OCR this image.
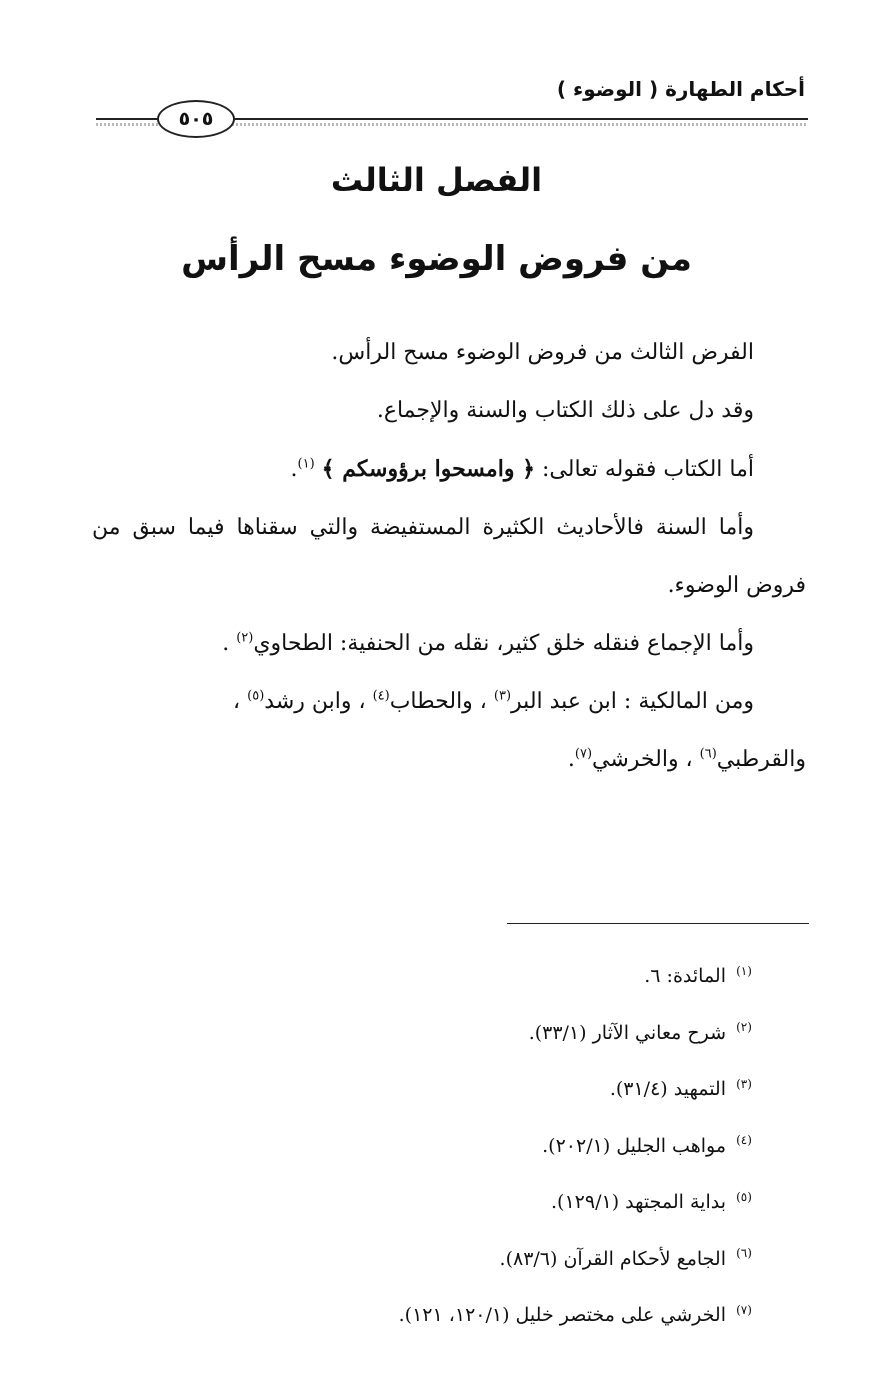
أحكام الطهارة ( الوضوء )
٥٠٥
الفصل الثالث
من فروض الوضوء مسح الرأس

الفرض الثالث من فروض الوضوء مسح الرأس.

وقد دل على ذلك الكتاب والسنة والإجماع.

أما الكتاب فقوله تعالى: ﴿ وامسحوا برؤوسكم ﴾ $^{(١)}$.

وأما السنة فالأحاديث الكثيرة المستفيضة والتي سقناها فيما سبق من

فروض الوضوء.

وأما الإجماع فنقله خلق كثير، نقله من الحنفية: الطحاوي$^{(٢)}$ .

ومن المالكية : ابن عبد البر$^{(٣)}$ ، والحطاب$^{(٤)}$ ، وابن رشد$^{(٥)}$ ،

والقرطبي$^{(٦)}$ ، والخرشي$^{(٧)}$.

(١)المائدة: ٦.
(٢)شرح معاني الآثار (٣٣/١).
(٣)التمهيد (٣١/٤).
(٤)مواهب الجليل (٢٠٢/١).
(٥)بداية المجتهد (١٢٩/١).
(٦)الجامع لأحكام القرآن (٨٣/٦).
(٧)الخرشي على مختصر خليل (١٢٠/١، ١٢١).
